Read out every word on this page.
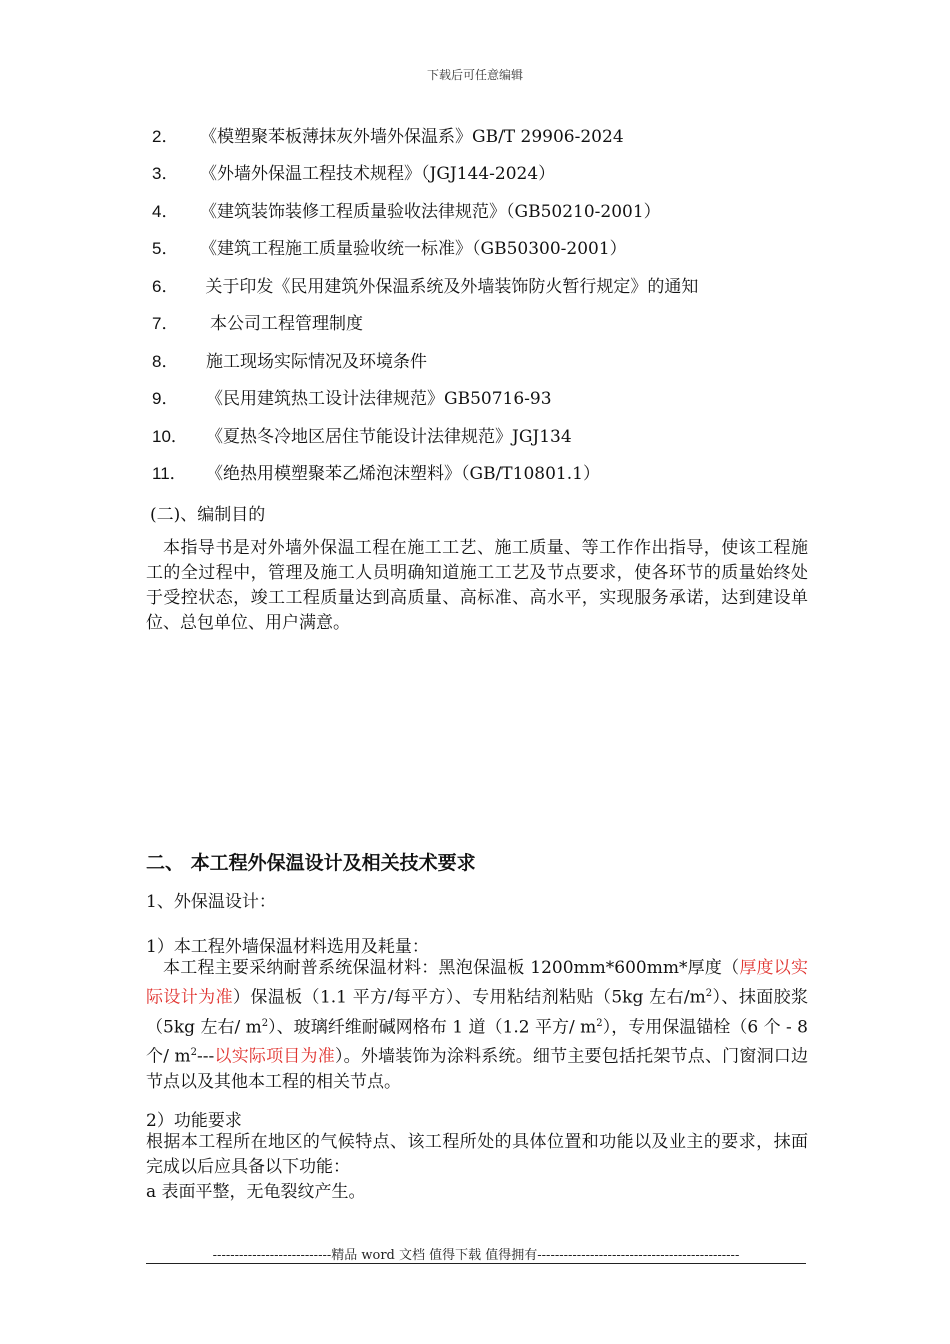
下载后可任意编辑
2． 《模塑聚苯板薄抹灰外墙外保温系》GB/T 29906-2024
3． 《外墙外保温工程技术规程》（JGJ144-2024）
4． 《建筑装饰装修工程质量验收法律规范》（GB50210-2001）
5． 《建筑工程施工质量验收统一标准》（GB50300-2001）
6． 关于印发《民用建筑外保温系统及外墙装饰防火暂行规定》的通知
7． 本公司工程管理制度
8． 施工现场实际情况及环境条件
9． 《民用建筑热工设计法律规范》GB50716-93
10． 《夏热冬冷地区居住节能设计法律规范》JGJ134
11． 《绝热用模塑聚苯乙烯泡沫塑料》（GB/T10801.1）
(二)、编制目的

本指导书是对外墙外保温工程在施工工艺、施工质量、等工作作出指导，使该工程施工的全过程中，管理及施工人员明确知道施工工艺及节点要求，使各环节的质量始终处于受控状态，竣工工程质量达到高质量、高标准、高水平，实现服务承诺，达到建设单位、总包单位、用户满意。

二、 本工程外保温设计及相关技术要求
1、外保温设计：
1）本工程外墙保温材料选用及耗量：

本工程主要采纳耐普系统保温材料：黑泡保温板 1200mm*600mm*厚度（厚度以实际设计为准）保温板（1.1 平方/每平方）、专用粘结剂粘贴（5kg 左右$/m^2$）、抹面胶浆（5kg 左右/ $m^2$）、玻璃纤维耐碱网格布 1 道（1.2 平方/ $m^2$），专用保温锚栓（6 个 - 8 个/ $m^2---$以实际项目为准）。外墙装饰为涂料系统。细节主要包括托架节点、门窗洞口边节点以及其他本工程的相关节点。

2）功能要求

根据本工程所在地区的气候特点、该工程所处的具体位置和功能以及业主的要求，抹面完成以后应具备以下功能：

a 表面平整，无龟裂纹产生。

---------------------------精品 word 文档 值得下载 值得拥有----------------------------------------------
